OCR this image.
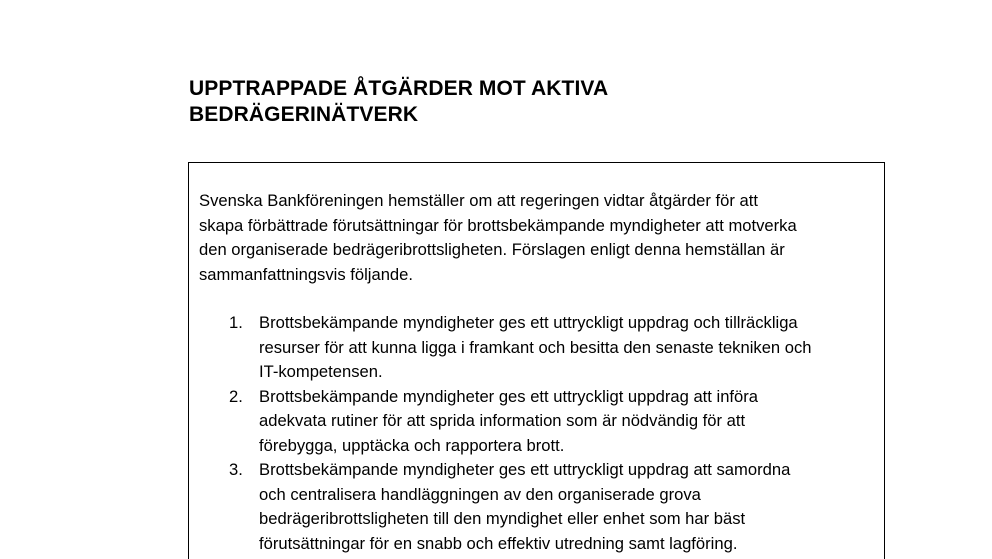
UPPTRAPPADE ÅTGÄRDER MOT AKTIVA
BEDRÄGERINÄTVERK

Svenska Bankföreningen hemställer om att regeringen vidtar åtgärder för att
skapa förbättrade förutsättningar för brottsbekämpande myndigheter att motverka
den organiserade bedrägeribrottsligheten. Förslagen enligt denna hemställan är
sammanfattningsvis följande.

1. Brottsbekämpande myndigheter ges ett uttryckligt uppdrag och tillräckliga
resurser för att kunna ligga i framkant och besitta den senaste tekniken och
IT-kompetensen.
2. Brottsbekämpande myndigheter ges ett uttryckligt uppdrag att införa
adekvata rutiner för att sprida information som är nödvändig för att
förebygga, upptäcka och rapportera brott.
3. Brottsbekämpande myndigheter ges ett uttryckligt uppdrag att samordna
och centralisera handläggningen av den organiserade grova
bedrägeribrottsligheten till den myndighet eller enhet som har bäst
förutsättningar för en snabb och effektiv utredning samt lagföring.
